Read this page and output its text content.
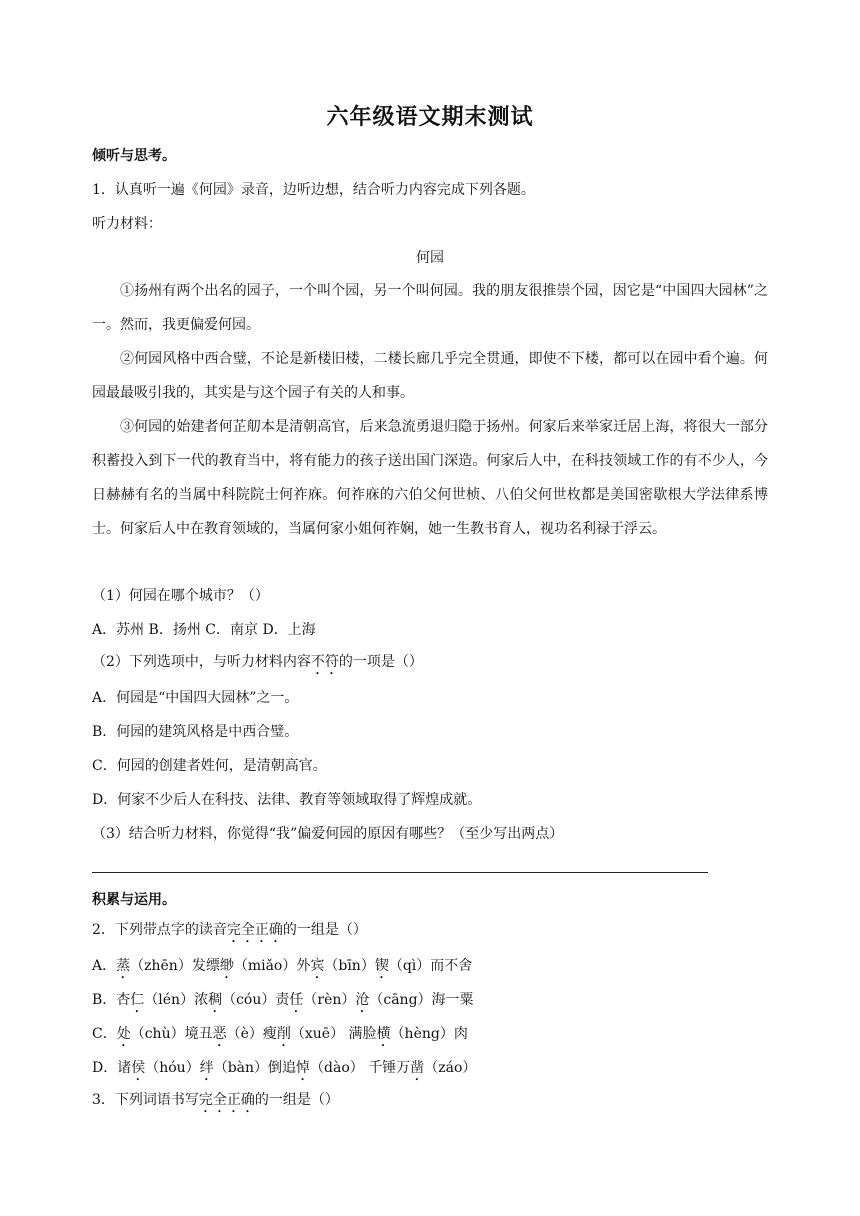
六年级语文期末测试
倾听与思考。
1．认真听一遍《何园》录音，边听边想，结合听力内容完成下列各题。
听力材料：
何园
①扬州有两个出名的园子，一个叫个园，另一个叫何园。我的朋友很推崇个园，因它是“中国四大园林”之一。然而，我更偏爱何园。
②何园风格中西合璧，不论是新楼旧楼，二楼长廊几乎完全贯通，即使不下楼，都可以在园中看个遍。何园最最吸引我的，其实是与这个园子有关的人和事。
③何园的始建者何芷舠本是清朝高官，后来急流勇退归隐于扬州。何家后来举家迁居上海，将很大一部分积蓄投入到下一代的教育当中，将有能力的孩子送出国门深造。何家后人中，在科技领域工作的有不少人，今日赫赫有名的当属中科院院士何祚庥。何祚庥的六伯父何世桢、八伯父何世枚都是美国密歇根大学法律系博士。何家后人中在教育领域的，当属何家小姐何祚娴，她一生教书育人，视功名利禄于浮云。
（1）何园在哪个城市？（）
A．苏州 B．扬州 C．南京 D．上海
（2）下列选项中，与听力材料内容不符的一项是（）
A．何园是“中国四大园林”之一。
B．何园的建筑风格是中西合璧。
C．何园的创建者姓何，是清朝高官。
D．何家不少后人在科技、法律、教育等领域取得了辉煌成就。
（3）结合听力材料，你觉得“我”偏爱何园的原因有哪些？（至少写出两点）
积累与运用。
2．下列带点字的读音完全正确的一组是（）
A．蒸（zhēn）发缥缈（miǎo）外宾（bīn）锲（qì）而不舍
B．杏仁（lén）浓稠（cóu）责任（rèn）沧（cāng）海一粟
C．处（chù）境丑恶（è）瘦削（xuē） 满脸横（hèng）肉
D．诸侯（hóu）绊（bàn）倒追悼（dào） 千锤万凿（záo）
3．下列词语书写完全正确的一组是（）
